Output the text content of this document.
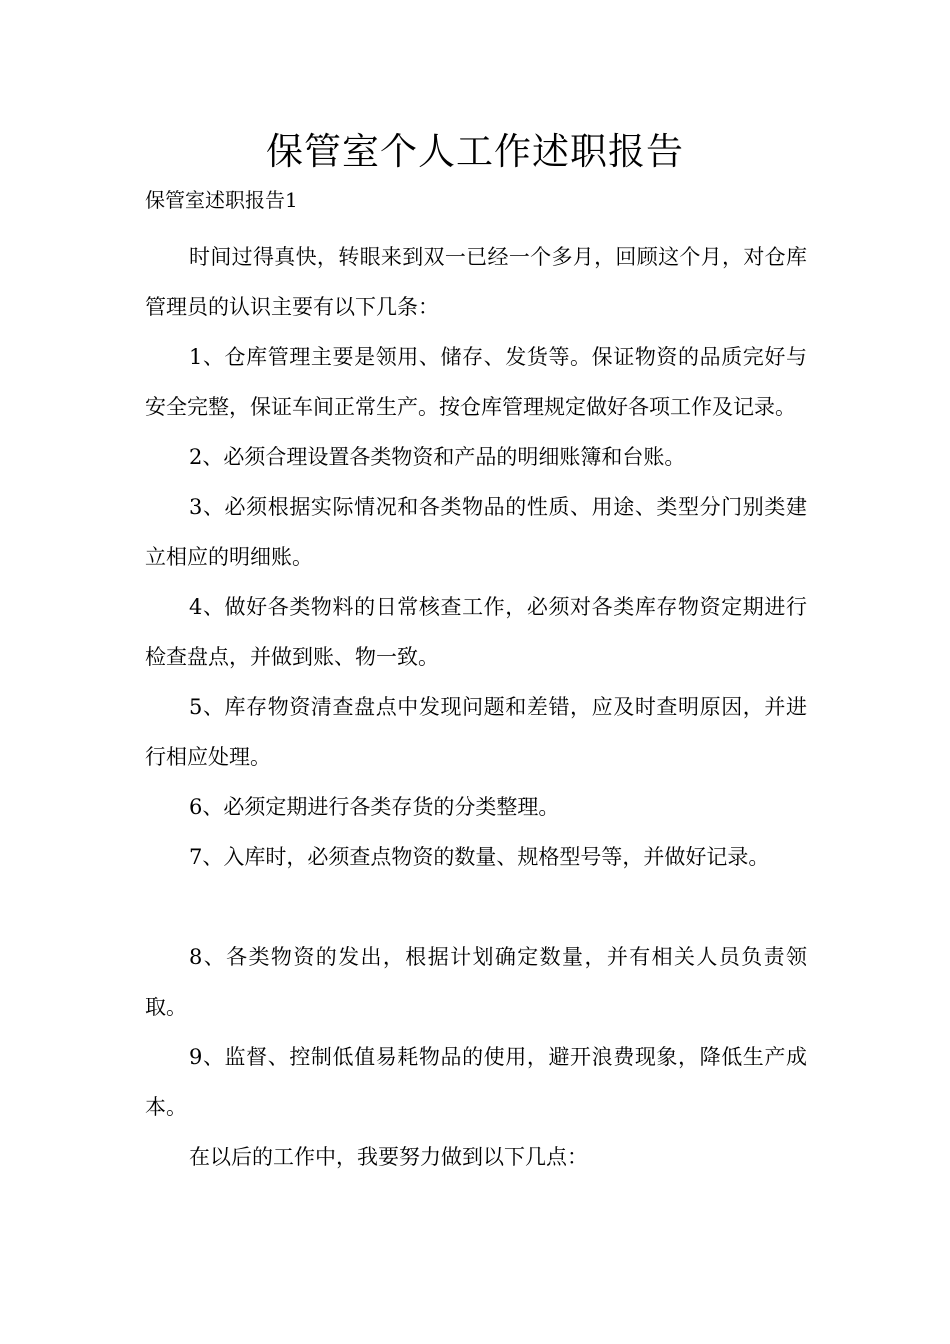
保管室个人工作述职报告

保管室述职报告1

时间过得真快，转眼来到双一已经一个多月，回顾这个月，对仓库管理员的认识主要有以下几条：

1、仓库管理主要是领用、储存、发货等。保证物资的品质完好与安全完整，保证车间正常生产。按仓库管理规定做好各项工作及记录。

2、必须合理设置各类物资和产品的明细账簿和台账。

3、必须根据实际情况和各类物品的性质、用途、类型分门别类建立相应的明细账。

4、做好各类物料的日常核查工作，必须对各类库存物资定期进行检查盘点，并做到账、物一致。

5、库存物资清查盘点中发现问题和差错，应及时查明原因，并进行相应处理。

6、必须定期进行各类存货的分类整理。

7、入库时，必须查点物资的数量、规格型号等，并做好记录。

8、各类物资的发出，根据计划确定数量，并有相关人员负责领取。

9、监督、控制低值易耗物品的使用，避开浪费现象，降低生产成本。

在以后的工作中，我要努力做到以下几点：
